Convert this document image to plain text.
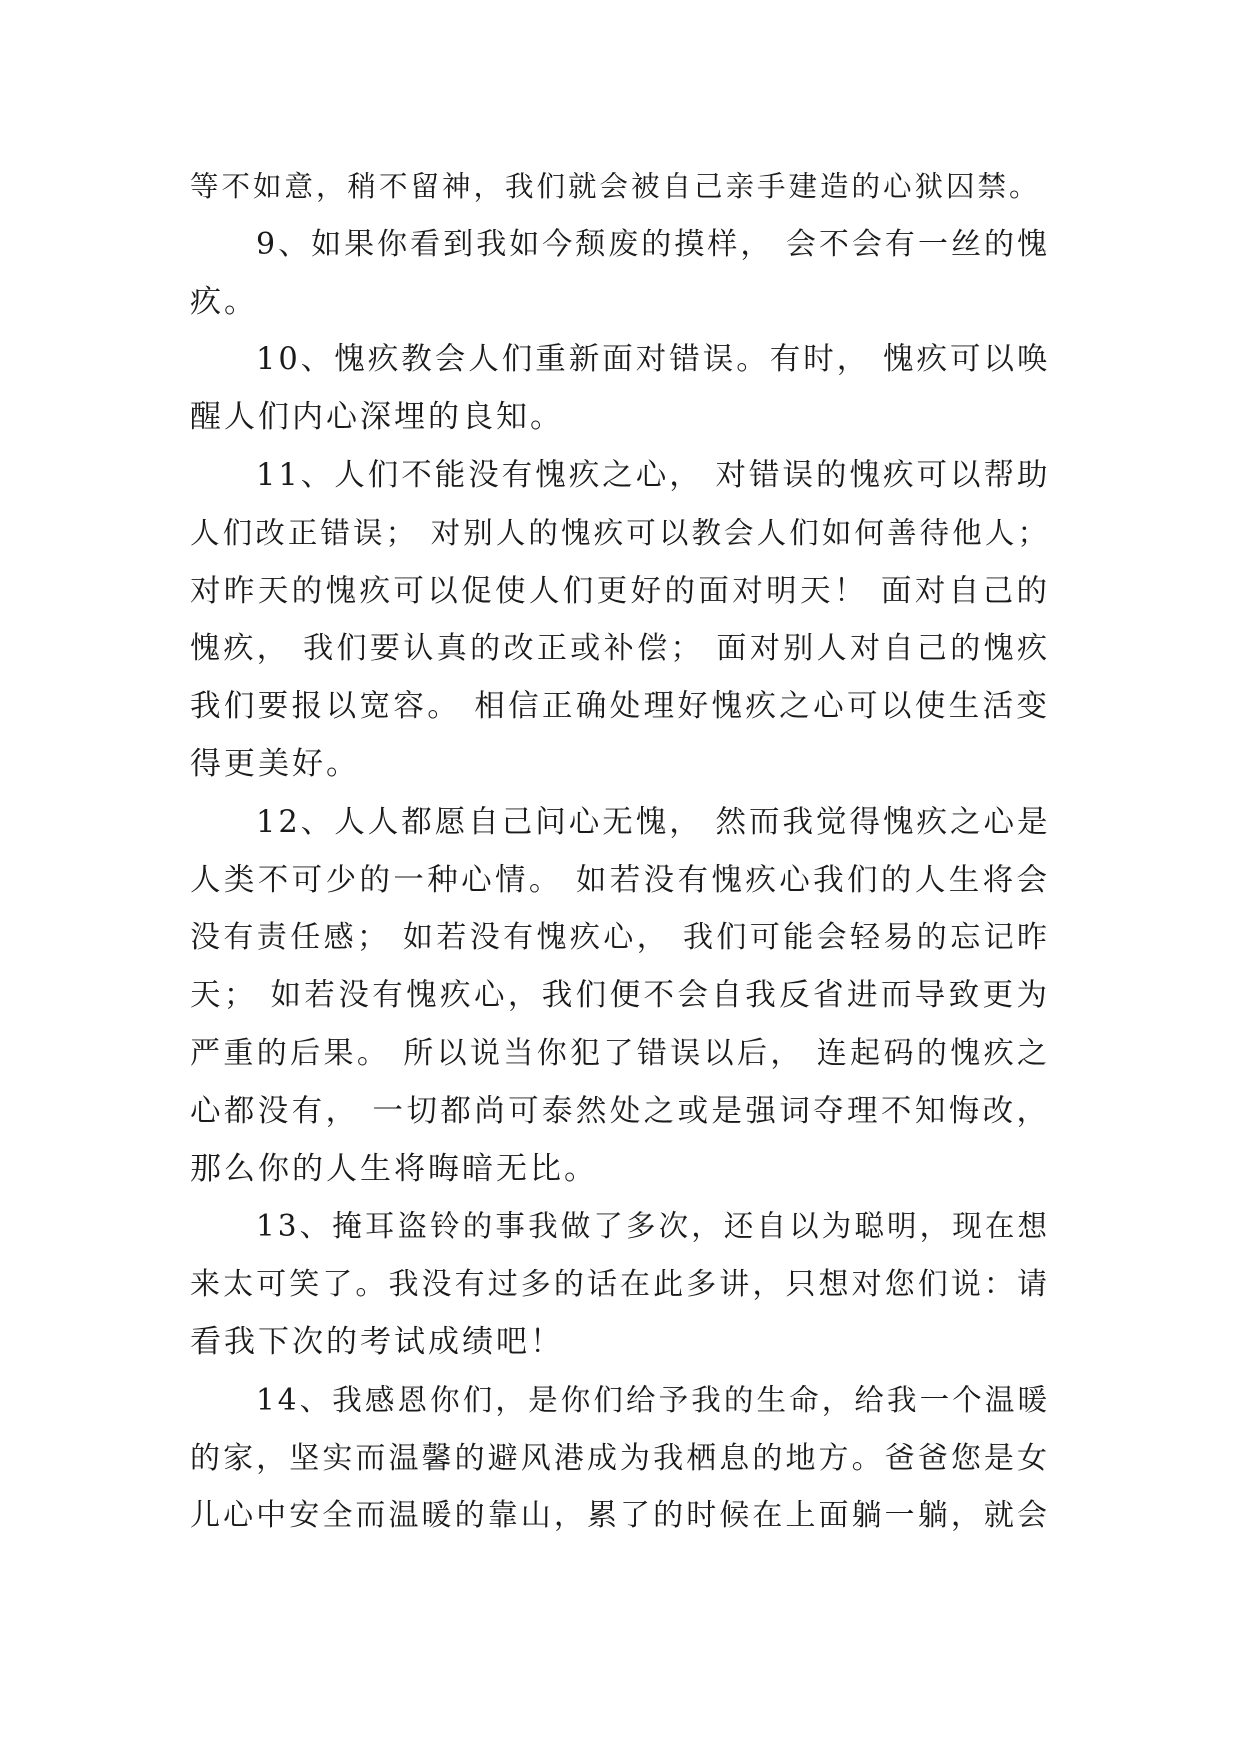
等不如意，稍不留神，我们就会被自己亲手建造的心狱囚禁。
9、如果你看到我如今颓废的摸样， 会不会有一丝的愧
疚。
10、愧疚教会人们重新面对错误。有时， 愧疚可以唤
醒人们内心深埋的良知。
11、人们不能没有愧疚之心， 对错误的愧疚可以帮助
人们改正错误； 对别人的愧疚可以教会人们如何善待他人；
对昨天的愧疚可以促使人们更好的面对明天！ 面对自己的
愧疚， 我们要认真的改正或补偿； 面对别人对自己的愧疚
我们要报以宽容。 相信正确处理好愧疚之心可以使生活变
得更美好。
12、人人都愿自己问心无愧， 然而我觉得愧疚之心是
人类不可少的一种心情。 如若没有愧疚心我们的人生将会
没有责任感； 如若没有愧疚心， 我们可能会轻易的忘记昨
天； 如若没有愧疚心，我们便不会自我反省进而导致更为
严重的后果。 所以说当你犯了错误以后， 连起码的愧疚之
心都没有， 一切都尚可泰然处之或是强词夺理不知悔改，
那么你的人生将晦暗无比。
13、掩耳盗铃的事我做了多次，还自以为聪明，现在想
来太可笑了。我没有过多的话在此多讲，只想对您们说：请
看我下次的考试成绩吧！
14、我感恩你们，是你们给予我的生命，给我一个温暖
的家，坚实而温馨的避风港成为我栖息的地方。爸爸您是女
儿心中安全而温暖的靠山，累了的时候在上面躺一躺，就会
